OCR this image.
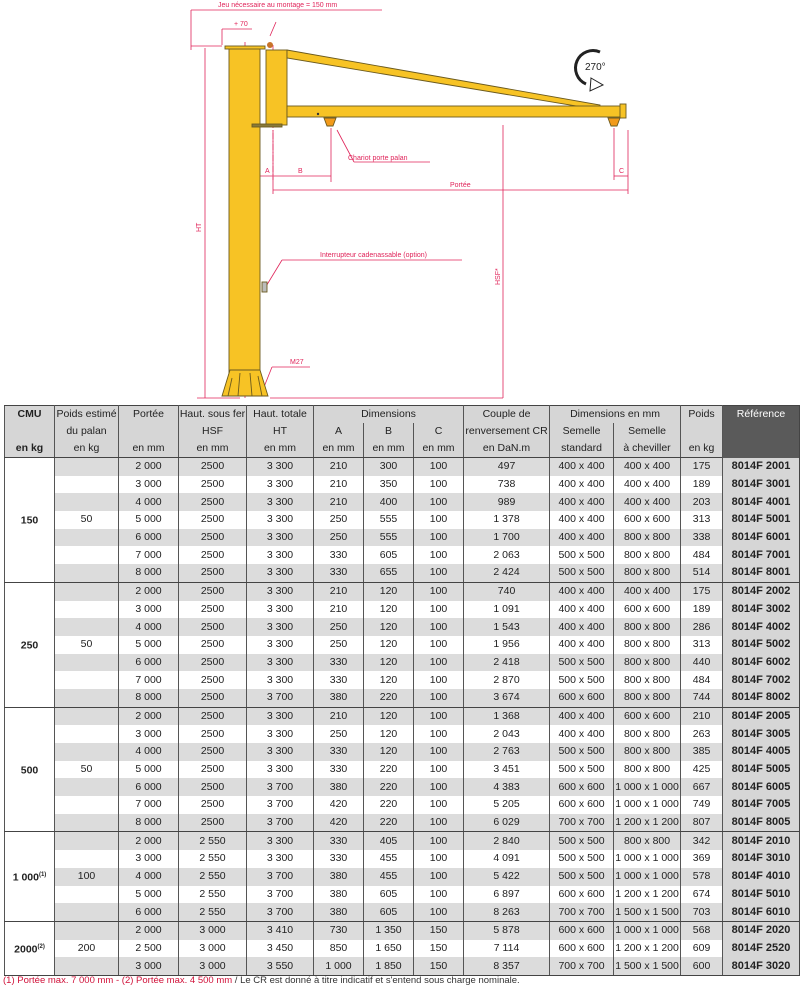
270°
Jeu nécessaire au montage = 150 mm
+ 70
Chariot porte palan
A	B	C
Portée
Interrupteur cadenassable (option)
M27
HT
HSF*
CMU	Poids estimé	Portée	Haut. sous fer	Haut. totale	Dimensions			Couple de	Dimensions en mm		Poids	Référence
	du palan		HSF	HT	A	B	C	renversement CR	Semelle	Semelle		
en kg	en kg	en mm	en mm	en mm	en mm	en mm	en mm	en DaN.m	standard	à cheviller	en kg	
150		2 000	2500	3 300	210	300	100	497	400 x 400	400 x 400	175	8014F 2001
		3 000	2500	3 300	210	350	100	738	400 x 400	400 x 400	189	8014F 3001
		4 000	2500	3 300	210	400	100	989	400 x 400	400 x 400	203	8014F 4001
	50	5 000	2500	3 300	250	555	100	1 378	400 x 400	600 x 600	313	8014F 5001
		6 000	2500	3 300	250	555	100	1 700	400 x 400	800 x 800	338	8014F 6001
		7 000	2500	3 300	330	605	100	2 063	500 x 500	800 x 800	484	8014F 7001
		8 000	2500	3 300	330	655	100	2 424	500 x 500	800 x 800	514	8014F 8001
250		2 000	2500	3 300	210	120	100	740	400 x 400	400 x 400	175	8014F 2002
		3 000	2500	3 300	210	120	100	1 091	400 x 400	600 x 600	189	8014F 3002
		4 000	2500	3 300	250	120	100	1 543	400 x 400	800 x 800	286	8014F 4002
	50	5 000	2500	3 300	250	120	100	1 956	400 x 400	800 x 800	313	8014F 5002
		6 000	2500	3 300	330	120	100	2 418	500 x 500	800 x 800	440	8014F 6002
		7 000	2500	3 300	330	120	100	2 870	500 x 500	800 x 800	484	8014F 7002
		8 000	2500	3 700	380	220	100	3 674	600 x 600	800 x 800	744	8014F 8002
500		2 000	2500	3 300	210	120	100	1 368	400 x 400	600 x 600	210	8014F 2005
		3 000	2500	3 300	250	120	100	2 043	400 x 400	800 x 800	263	8014F 3005
		4 000	2500	3 300	330	120	100	2 763	500 x 500	800 x 800	385	8014F 4005
	50	5 000	2500	3 300	330	220	100	3 451	500 x 500	800 x 800	425	8014F 5005
		6 000	2500	3 700	380	220	100	4 383	600 x 600	1 000 x 1 000	667	8014F 6005
		7 000	2500	3 700	420	220	100	5 205	600 x 600	1 000 x 1 000	749	8014F 7005
		8 000	2500	3 700	420	220	100	6 029	700 x 700	1 200 x 1 200	807	8014F 8005
1 000$^{(1)}$		2 000	2 550	3 300	330	405	100	2 840	500 x 500	800 x 800	342	8014F 2010
		3 000	2 550	3 300	330	455	100	4 091	500 x 500	1 000 x 1 000	369	8014F 3010
	100	4 000	2 550	3 700	380	455	100	5 422	500 x 500	1 000 x 1 000	578	8014F 4010
		5 000	2 550	3 700	380	605	100	6 897	600 x 600	1 200 x 1 200	674	8014F 5010
		6 000	2 550	3 700	380	605	100	8 263	700 x 700	1 500 x 1 500	703	8014F 6010
2000$^{(2)}$		2 000	3 000	3 410	730	1 350	150	5 878	600 x 600	1 000 x 1 000	568	8014F 2020
	200	2 500	3 000	3 450	850	1 650	150	7 114	600 x 600	1 200 x 1 200	609	8014F 2520
		3 000	3 000	3 550	1 000	1 850	150	8 357	700 x 700	1 500 x 1 500	600	8014F 3020
(1) Portée max. 7 000 mm - (2) Portée max. 4 500 mm / Le CR est donné à titre indicatif et s'entend sous charge nominale.
